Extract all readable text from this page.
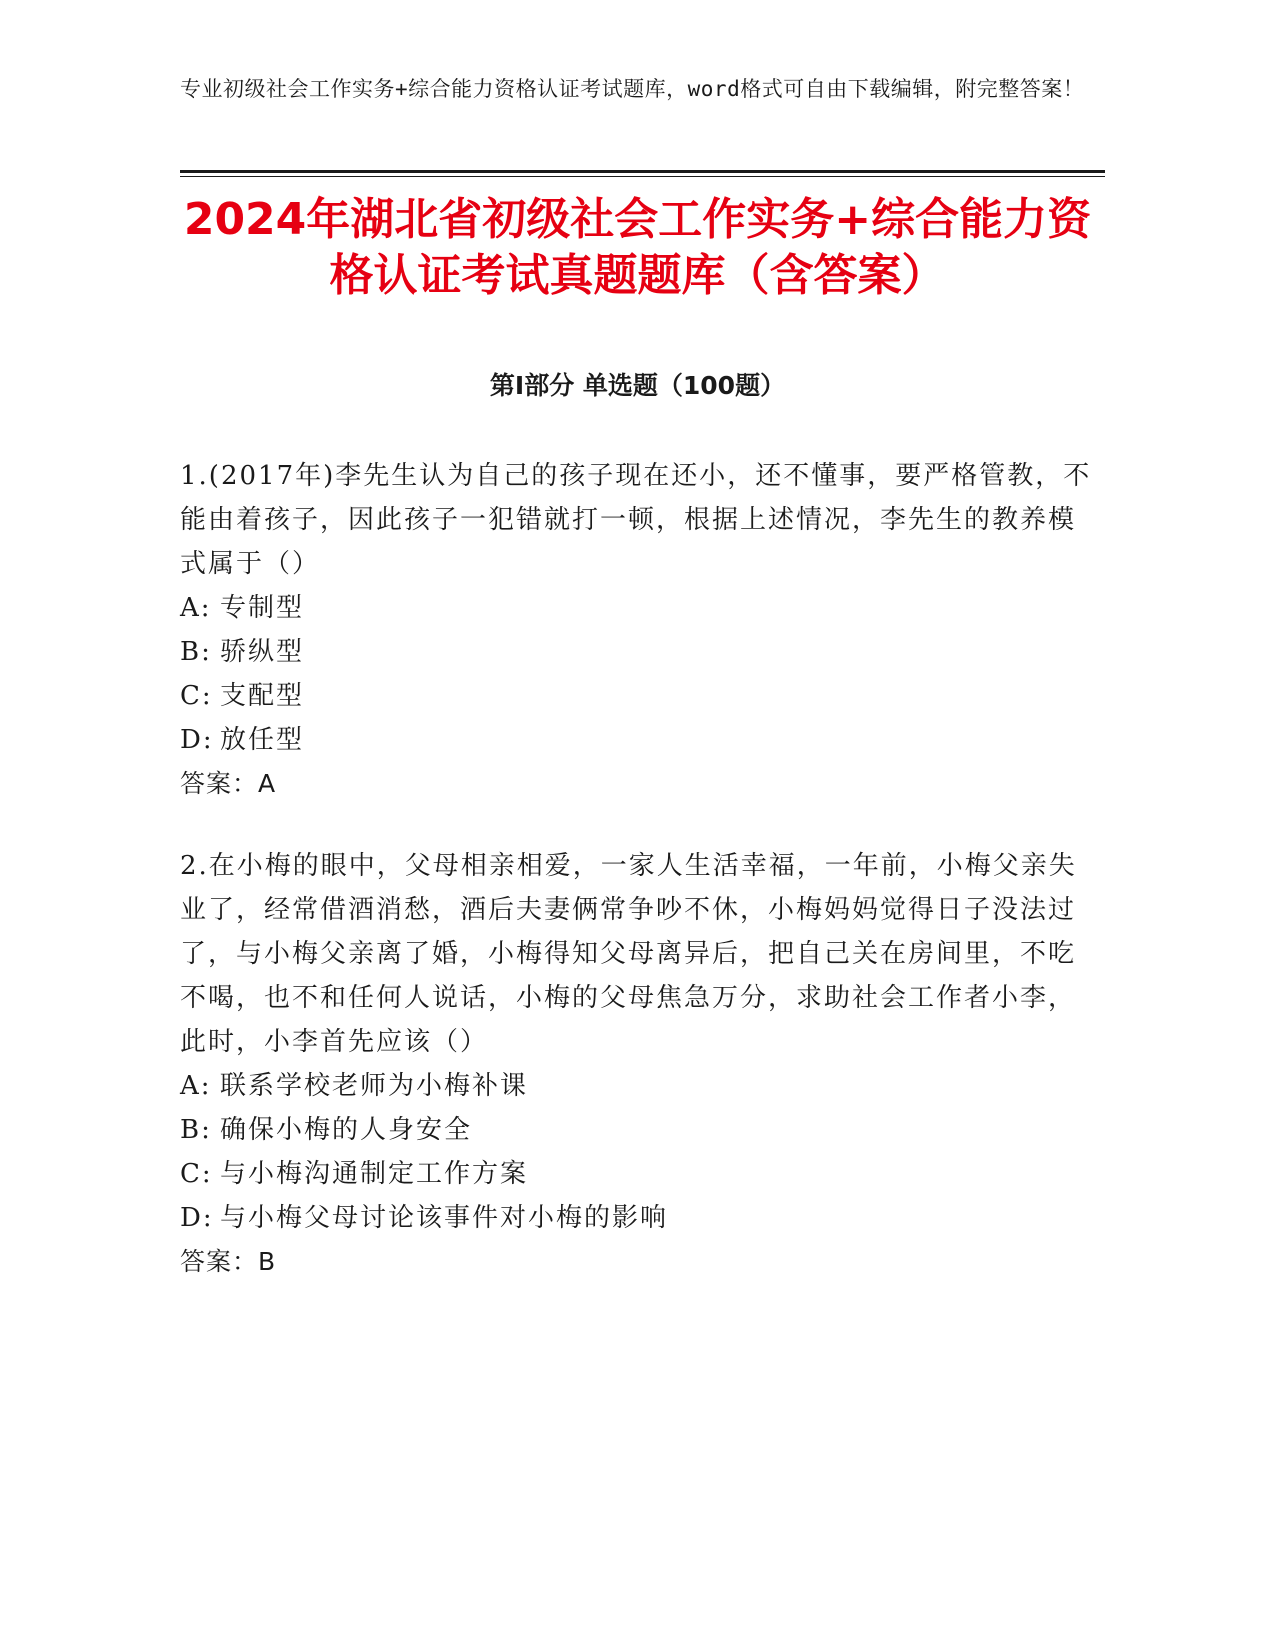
专业初级社会工作实务+综合能力资格认证考试题库，word格式可自由下载编辑，附完整答案！
2024年湖北省初级社会工作实务+综合能力资格认证考试真题题库（含答案）
第Ⅰ部分 单选题（100题）

1.(2017年)李先生认为自己的孩子现在还小，还不懂事，要严格管教，不能由着孩子，因此孩子一犯错就打一顿，根据上述情况，李先生的教养模式属于（）

A: 专制型
B: 骄纵型
C: 支配型
D: 放任型
答案：A

2.在小梅的眼中，父母相亲相爱，一家人生活幸福，一年前，小梅父亲失业了，经常借酒消愁，酒后夫妻俩常争吵不休，小梅妈妈觉得日子没法过了，与小梅父亲离了婚，小梅得知父母离异后，把自己关在房间里，不吃不喝，也不和任何人说话，小梅的父母焦急万分，求助社会工作者小李，此时，小李首先应该（）

A: 联系学校老师为小梅补课
B: 确保小梅的人身安全
C: 与小梅沟通制定工作方案
D: 与小梅父母讨论该事件对小梅的影响
答案：B
